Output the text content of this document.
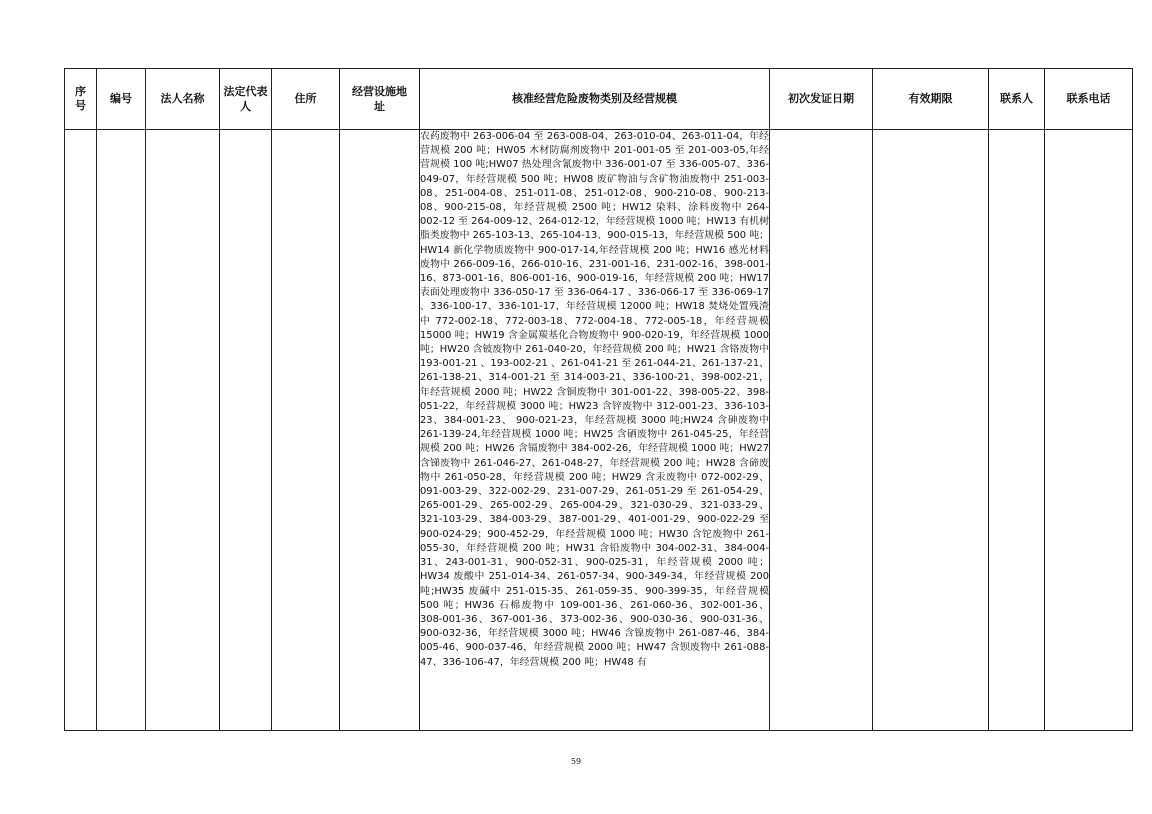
序号	编号	法人名称	法定代表人	住所	经营设施地址	核准经营危险废物类别及经营规模	初次发证日期	有效期限	联系人	联系电话
						农药废物中 263-006-04 至 263-008-04、263-010-04、263-011-04，年经营规模 200 吨；HW05 木材防腐剂废物中 201-001-05 至 201-003-05,年经营规模 100 吨;HW07 热处理含氰废物中 336-001-07 至 336-005-07、336-049-07，年经营规模 500 吨；HW08 废矿物油与含矿物油废物中 251-003-08、251-004-08、251-011-08、251-012-08、900-210-08、900-213-08、900-215-08，年经营规模 2500 吨；HW12 染料、涂料废物中 264-002-12 至 264-009-12、264-012-12，年经营规模 1000 吨；HW13 有机树脂类废物中 265-103-13、265-104-13、900-015-13，年经营规模 500 吨；HW14 新化学物质废物中 900-017-14,年经营规模 200 吨；HW16 感光材料废物中 266-009-16、266-010-16、231-001-16、231-002-16、398-001-16、873-001-16、806-001-16、900-019-16，年经营规模 200 吨；HW17 表面处理废物中 336-050-17 至 336-064-17 、336-066-17 至 336-069-17 、336-100-17、336-101-17，年经营规模 12000 吨；HW18 焚烧处置残渣中 772-002-18、772-003-18、772-004-18、772-005-18，年经营规模 15000 吨；HW19 含金属羰基化合物废物中 900-020-19，年经营规模 1000 吨；HW20 含铍废物中 261-040-20，年经营规模 200 吨；HW21 含铬废物中 193-001-21 、193-002-21 、261-041-21 至 261-044-21、261-137-21、261-138-21、314-001-21 至 314-003-21、336-100-21、398-002-21，年经营规模 2000 吨；HW22 含铜废物中 301-001-22、398-005-22、398-051-22，年经营规模 3000 吨；HW23 含锌废物中 312-001-23、336-103-23、384-001-23、 900-021-23，年经营规模 3000 吨;HW24 含砷废物中 261-139-24,年经营规模 1000 吨；HW25 含硒废物中 261-045-25，年经营规模 200 吨；HW26 含镉废物中 384-002-26，年经营规模 1000 吨；HW27 含锑废物中 261-046-27、261-048-27，年经营规模 200 吨；HW28 含碲废物中 261-050-28，年经营规模 200 吨；HW29 含汞废物中 072-002-29、091-003-29、322-002-29、231-007-29、261-051-29 至 261-054-29、265-001-29、265-002-29、265-004-29、321-030-29、321-033-29、321-103-29、384-003-29、387-001-29、401-001-29、900-022-29 至 900-024-29；900-452-29，年经营规模 1000 吨；HW30 含铊废物中 261-055-30，年经营规模 200 吨；HW31 含铅废物中 304-002-31、384-004-31、243-001-31、900-052-31、900-025-31，年经营规模 2000 吨；HW34 废酸中 251-014-34、261-057-34、900-349-34，年经营规模 200 吨;HW35 废碱中 251-015-35、261-059-35、900-399-35，年经营规模 500 吨；HW36 石棉废物中 109-001-36、261-060-36、302-001-36、308-001-36、367-001-36、373-002-36、900-030-36、900-031-36、900-032-36，年经营规模 3000 吨；HW46 含镍废物中 261-087-46、384-005-46、900-037-46，年经营规模 2000 吨；HW47 含钡废物中 261-088-47、336-106-47，年经营规模 200 吨；HW48 有				
59
